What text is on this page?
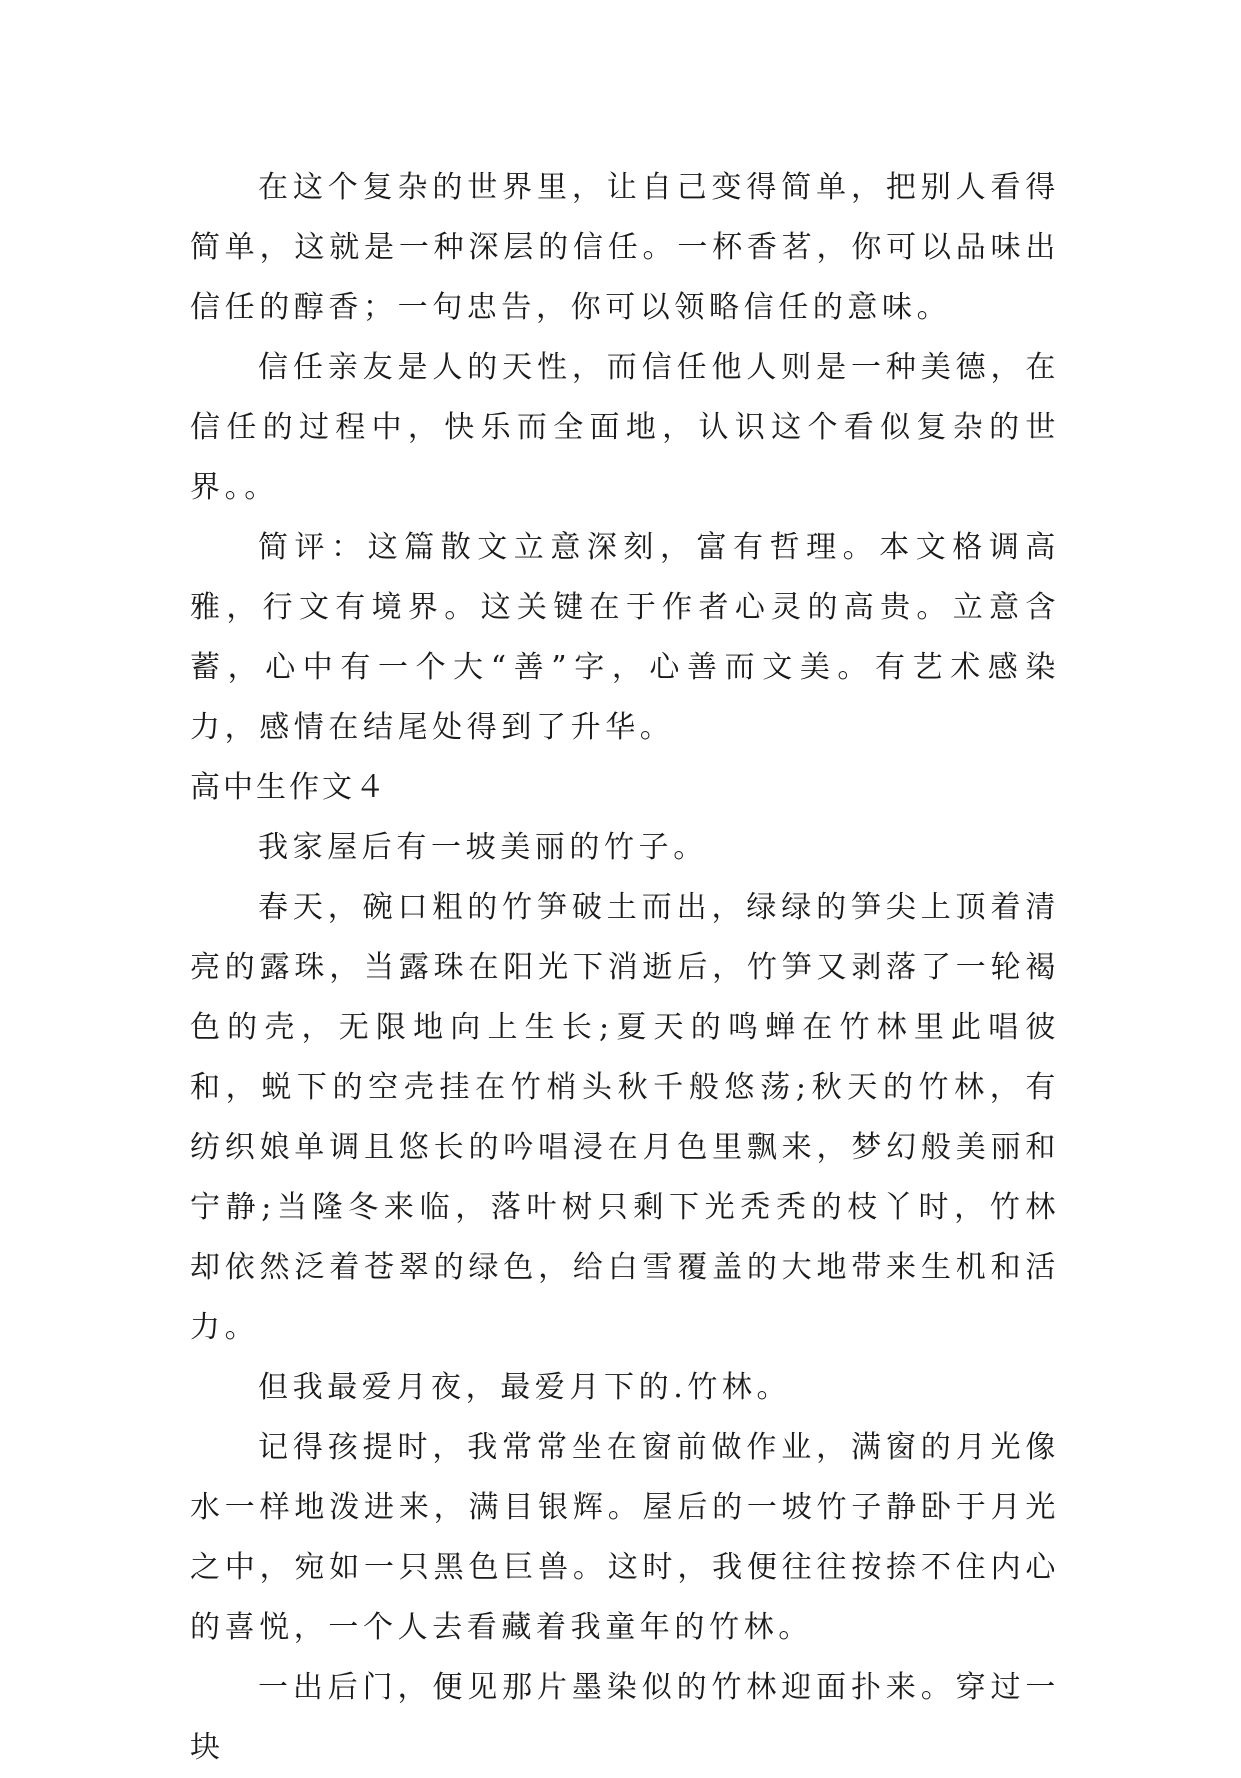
在这个复杂的世界里，让自己变得简单，把别人看得简单，这就是一种深层的信任。一杯香茗，你可以品味出信任的醇香；一句忠告，你可以领略信任的意味。

信任亲友是人的天性，而信任他人则是一种美德，在信任的过程中，快乐而全面地，认识这个看似复杂的世界。。

简评：这篇散文立意深刻，富有哲理。本文格调高雅，行文有境界。这关键在于作者心灵的高贵。立意含蓄，心中有一个大“善”字，心善而文美。有艺术感染力，感情在结尾处得到了升华。

高中生作文４

我家屋后有一坡美丽的竹子。

春天，碗口粗的竹笋破土而出，绿绿的笋尖上顶着清亮的露珠，当露珠在阳光下消逝后，竹笋又剥落了一轮褐色的壳，无限地向上生长;夏天的鸣蝉在竹林里此唱彼和，蜕下的空壳挂在竹梢头秋千般悠荡;秋天的竹林，有纺织娘单调且悠长的吟唱浸在月色里飘来，梦幻般美丽和宁静;当隆冬来临，落叶树只剩下光秃秃的枝丫时，竹林却依然泛着苍翠的绿色，给白雪覆盖的大地带来生机和活力。

但我最爱月夜，最爱月下的.竹林。

记得孩提时，我常常坐在窗前做作业，满窗的月光像水一样地泼进来，满目银辉。屋后的一坡竹子静卧于月光之中，宛如一只黑色巨兽。这时，我便往往按捺不住内心的喜悦，一个人去看藏着我童年的竹林。

一出后门，便见那片墨染似的竹林迎面扑来。穿过一块
